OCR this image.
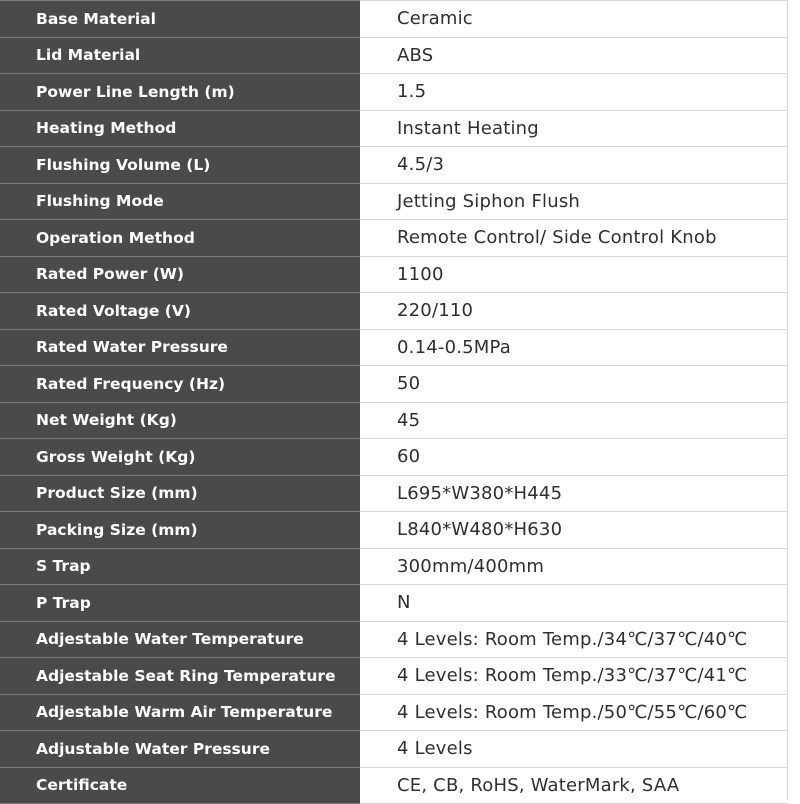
Base Material	Ceramic
Lid Material	ABS
Power Line Length (m)	1.5
Heating Method	Instant Heating
Flushing Volume (L)	4.5/3
Flushing Mode	Jetting Siphon Flush
Operation Method	Remote Control/ Side Control Knob
Rated Power (W)	1100
Rated Voltage (V)	220/110
Rated Water Pressure	0.14-0.5MPa
Rated Frequency (Hz)	50
Net Weight (Kg)	45
Gross Weight (Kg)	60
Product Size (mm)	L695*W380*H445
Packing Size (mm)	L840*W480*H630
S Trap	300mm/400mm
P Trap	N
Adjestable Water Temperature	4 Levels: Room Temp./34℃/37℃/40℃
Adjestable Seat Ring Temperature	4 Levels: Room Temp./33℃/37℃/41℃
Adjestable Warm Air Temperature	4 Levels: Room Temp./50℃/55℃/60℃
Adjustable Water Pressure	4 Levels
Certificate	CE, CB, RoHS, WaterMark, SAA
